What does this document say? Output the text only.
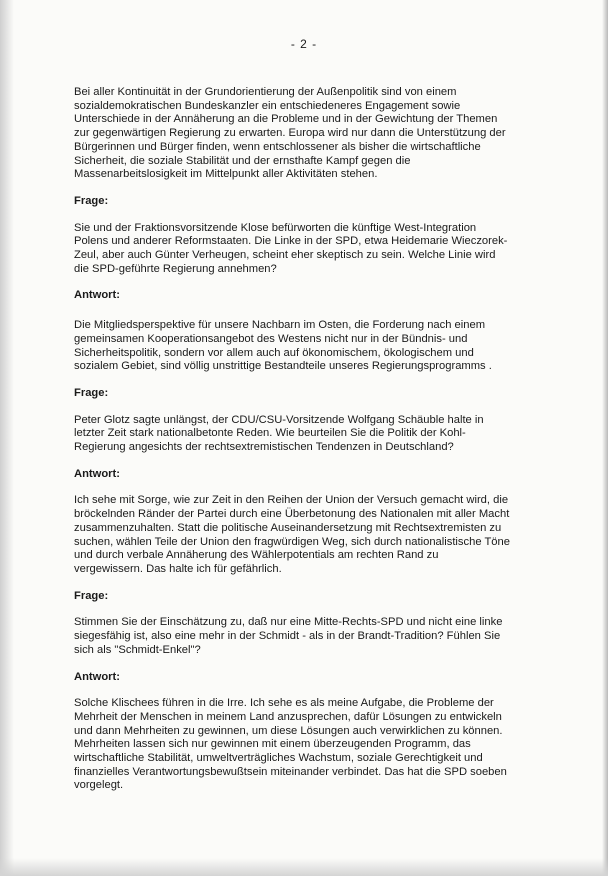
- 2 -

Bei aller Kontinuität in der Grundorientierung der Außenpolitik sind von einem sozialdemokratischen Bundeskanzler ein entschiedeneres Engagement sowie Unterschiede in der Annäherung an die Probleme und in der Gewichtung der Themen zur gegenwärtigen Regierung zu erwarten. Europa wird nur dann die Unterstützung der Bürgerinnen und Bürger finden, wenn entschlossener als bisher die wirtschaftliche Sicherheit, die soziale Stabilität und der ernsthafte Kampf gegen die Massenarbeitslosigkeit im Mittelpunkt aller Aktivitäten stehen.

Frage:

Sie und der Fraktionsvorsitzende Klose befürworten die künftige West-Integration Polens und anderer Reformstaaten. Die Linke in der SPD, etwa Heidemarie Wieczorek- Zeul, aber auch Günter Verheugen, scheint eher skeptisch zu sein. Welche Linie wird die SPD-geführte Regierung annehmen?

Antwort:

Die Mitgliedsperspektive für unsere Nachbarn im Osten, die Forderung nach einem gemeinsamen Kooperationsangebot des Westens nicht nur in der Bündnis- und Sicherheitspolitik, sondern vor allem auch auf ökonomischem, ökologischem und sozialem Gebiet, sind völlig unstrittige Bestandteile unseres Regierungsprogramms .

Frage:

Peter Glotz sagte unlängst, der CDU/CSU-Vorsitzende Wolfgang Schäuble halte in letzter Zeit stark nationalbetonte Reden. Wie beurteilen Sie die Politik der Kohl-Regierung angesichts der rechtsextremistischen Tendenzen in Deutschland?

Antwort:

Ich sehe mit Sorge, wie zur Zeit in den Reihen der Union der Versuch gemacht wird, die bröckelnden Ränder der Partei durch eine Überbetonung des Nationalen mit aller Macht zusammenzuhalten. Statt die politische Auseinandersetzung mit Rechtsextremisten zu suchen, wählen Teile der Union den fragwürdigen Weg, sich durch nationalistische Töne und durch verbale Annäherung des Wählerpotentials am rechten Rand zu vergewissern. Das halte ich für gefährlich.

Frage:

Stimmen Sie der Einschätzung zu, daß nur eine Mitte-Rechts-SPD und nicht eine linke siegesfähig ist, also eine mehr in der Schmidt - als in der Brandt-Tradition? Fühlen Sie sich als "Schmidt-Enkel"?

Antwort:

Solche Klischees führen in die Irre. Ich sehe es als meine Aufgabe, die Probleme der Mehrheit der Menschen in meinem Land anzusprechen, dafür Lösungen zu entwickeln und dann Mehrheiten zu gewinnen, um diese Lösungen auch verwirklichen zu können. Mehrheiten lassen sich nur gewinnen mit einem überzeugenden Programm, das wirtschaftliche Stabilität, umweltverträgliches Wachstum, soziale Gerechtigkeit und finanzielles Verantwortungsbewußtsein miteinander verbindet. Das hat die SPD soeben vorgelegt.
